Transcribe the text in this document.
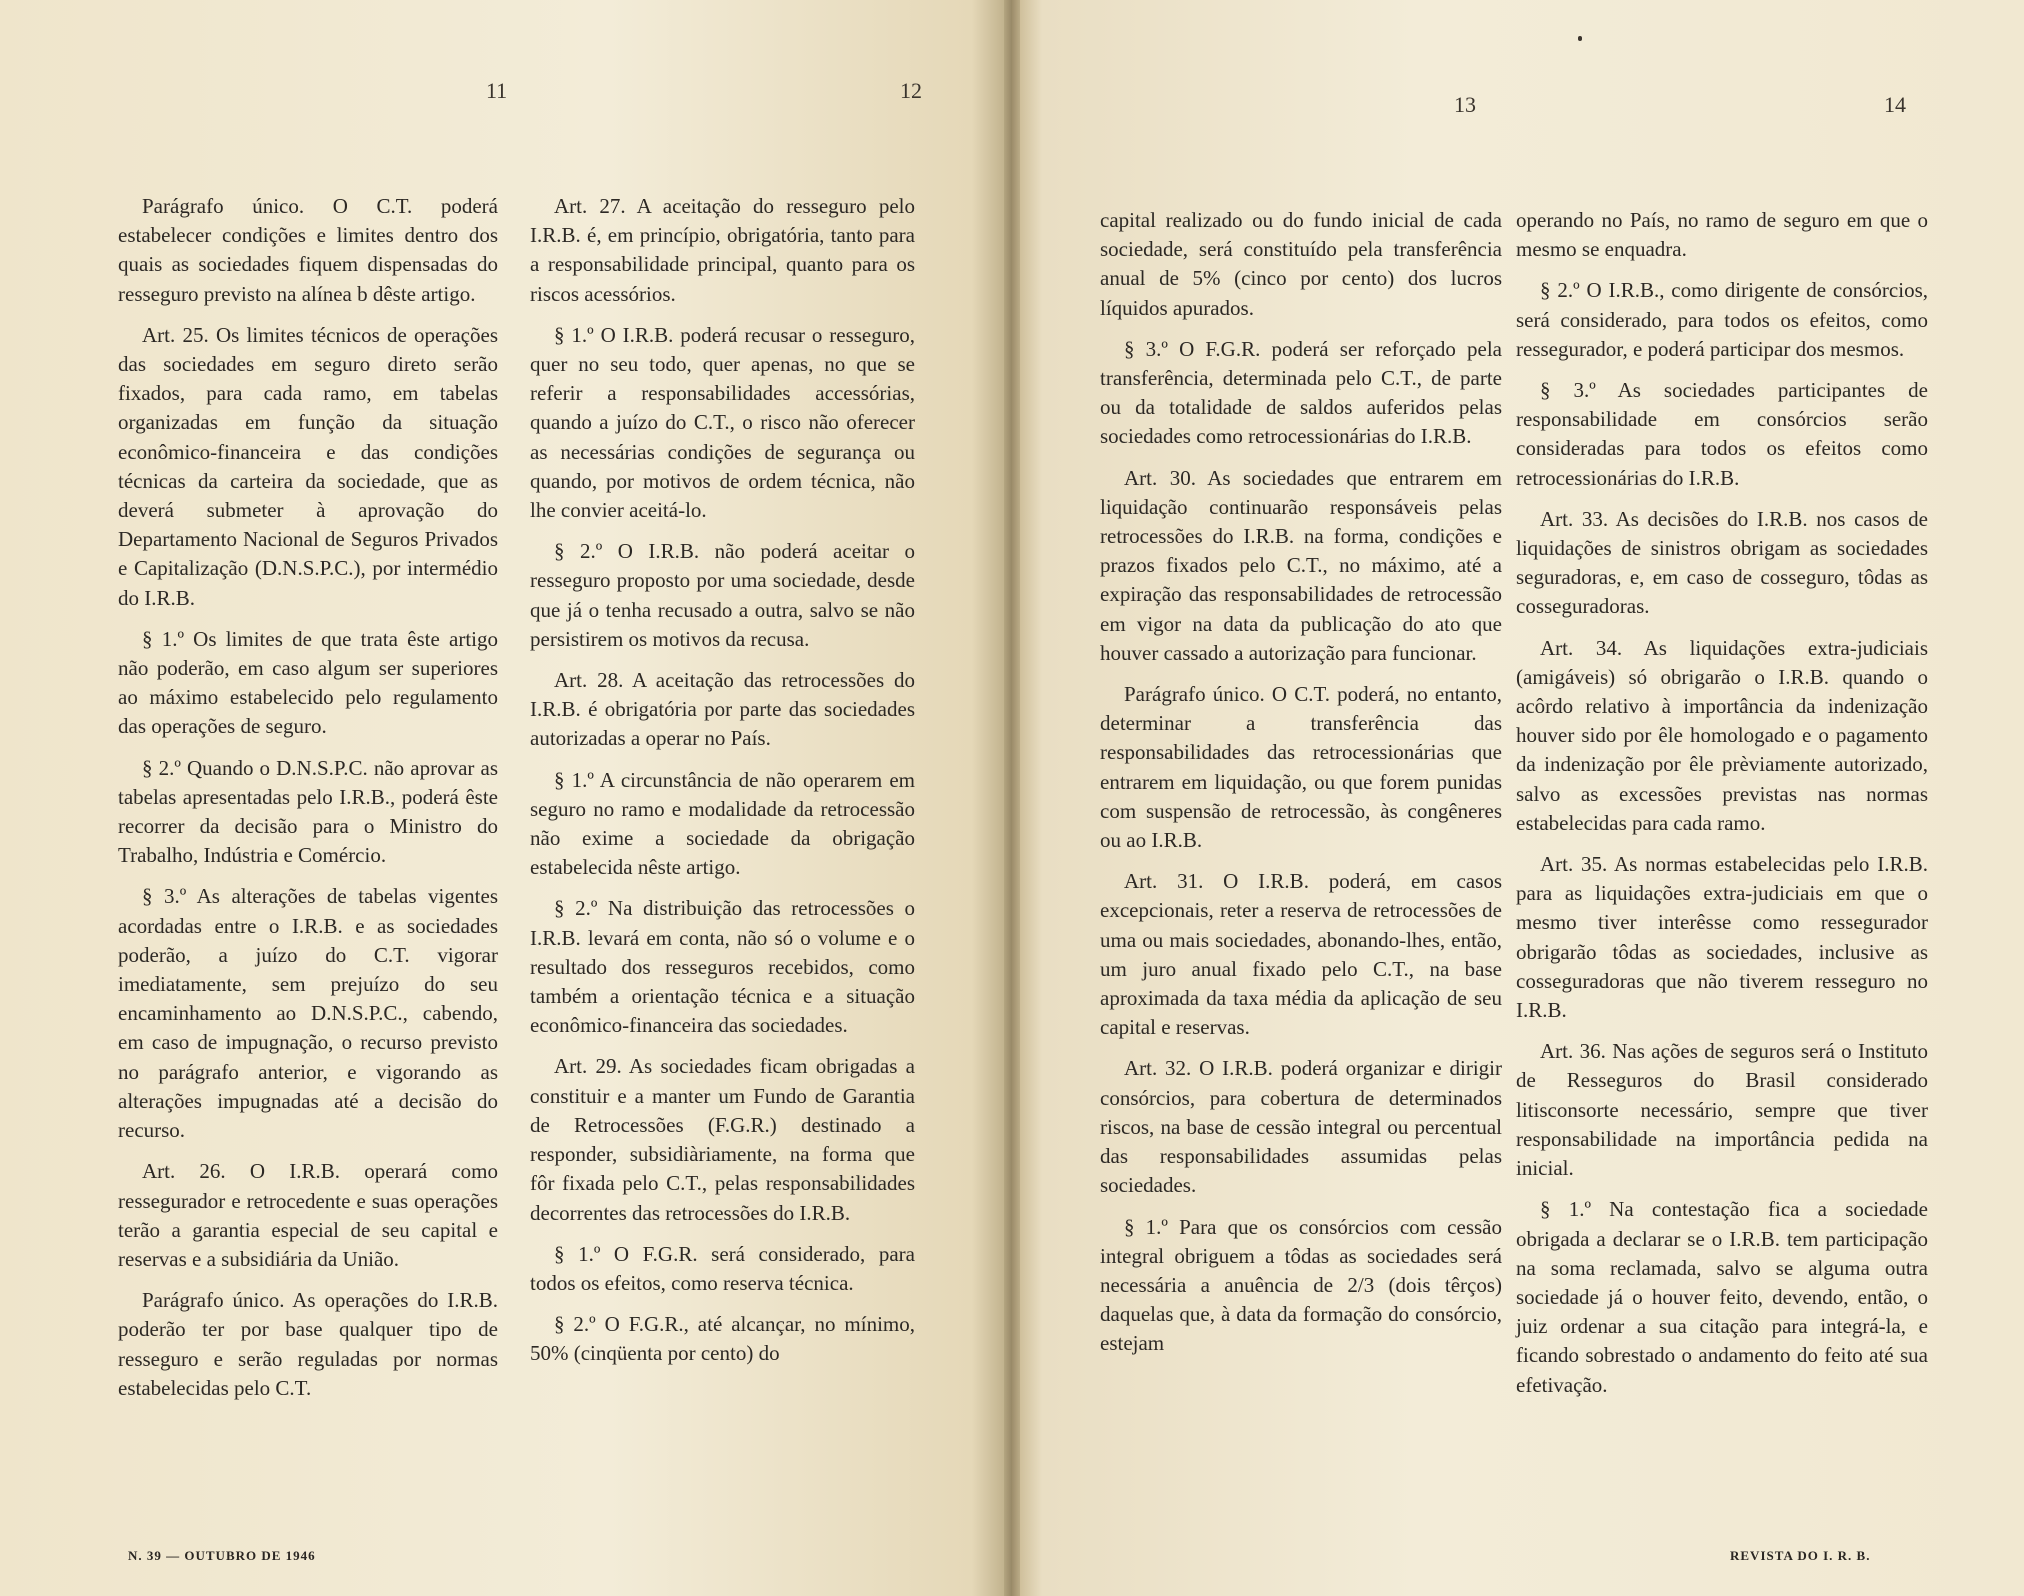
11	12

Parágrafo único. O C.T. poderá estabelecer condições e limites dentro dos quais as sociedades fiquem dispensadas do resseguro previsto na alínea b dêste artigo.

Art. 25. Os limites técnicos de operações das sociedades em seguro direto serão fixados, para cada ramo, em tabelas organizadas em função da situação econômico-financeira e das condições técnicas da carteira da sociedade, que as deverá submeter à aprovação do Departamento Nacional de Seguros Privados e Capitalização (D.N.S.P.C.), por intermédio do I.R.B.

§ 1.º Os limites de que trata êste artigo não poderão, em caso algum ser superiores ao máximo estabelecido pelo regulamento das operações de seguro.

§ 2.º Quando o D.N.S.P.C. não aprovar as tabelas apresentadas pelo I.R.B., poderá êste recorrer da decisão para o Ministro do Trabalho, Indústria e Comércio.

§ 3.º As alterações de tabelas vigentes acordadas entre o I.R.B. e as sociedades poderão, a juízo do C.T. vigorar imediatamente, sem prejuízo do seu encaminhamento ao D.N.S.P.C., cabendo, em caso de impugnação, o recurso previsto no parágrafo anterior, e vigorando as alterações impugnadas até a decisão do recurso.

Art. 26. O I.R.B. operará como ressegurador e retrocedente e suas operações terão a garantia especial de seu capital e reservas e a subsidiária da União.

Parágrafo único. As operações do I.R.B. poderão ter por base qualquer tipo de resseguro e serão reguladas por normas estabelecidas pelo C.T.

Art. 27. A aceitação do resseguro pelo I.R.B. é, em princípio, obrigatória, tanto para a responsabilidade principal, quanto para os riscos acessórios.

§ 1.º O I.R.B. poderá recusar o resseguro, quer no seu todo, quer apenas, no que se referir a responsabilidades accessórias, quando a juízo do C.T., o risco não oferecer as necessárias condições de segurança ou quando, por motivos de ordem técnica, não lhe convier aceitá-lo.

§ 2.º O I.R.B. não poderá aceitar o resseguro proposto por uma sociedade, desde que já o tenha recusado a outra, salvo se não persistirem os motivos da recusa.

Art. 28. A aceitação das retrocessões do I.R.B. é obrigatória por parte das sociedades autorizadas a operar no País.

§ 1.º A circunstância de não operarem em seguro no ramo e modalidade da retrocessão não exime a sociedade da obrigação estabelecida nêste artigo.

§ 2.º Na distribuição das retrocessões o I.R.B. levará em conta, não só o volume e o resultado dos resseguros recebidos, como também a orientação técnica e a situação econômico-financeira das sociedades.

Art. 29. As sociedades ficam obrigadas a constituir e a manter um Fundo de Garantia de Retrocessões (F.G.R.) destinado a responder, subsidiàriamente, na forma que fôr fixada pelo C.T., pelas responsabilidades decorrentes das retrocessões do I.R.B.

§ 1.º O F.G.R. será considerado, para todos os efeitos, como reserva técnica.

§ 2.º O F.G.R., até alcançar, no mínimo, 50% (cinqüenta por cento) do

N. 39 — OUTUBRO DE 1946
13	14

capital realizado ou do fundo inicial de cada sociedade, será constituído pela transferência anual de 5% (cinco por cento) dos lucros líquidos apurados.

§ 3.º O F.G.R. poderá ser reforçado pela transferência, determinada pelo C.T., de parte ou da totalidade de saldos auferidos pelas sociedades como retrocessionárias do I.R.B.

Art. 30. As sociedades que entrarem em liquidação continuarão responsáveis pelas retrocessões do I.R.B. na forma, condições e prazos fixados pelo C.T., no máximo, até a expiração das responsabilidades de retrocessão em vigor na data da publicação do ato que houver cassado a autorização para funcionar.

Parágrafo único. O C.T. poderá, no entanto, determinar a transferência das responsabilidades das retrocessionárias que entrarem em liquidação, ou que forem punidas com suspensão de retrocessão, às congêneres ou ao I.R.B.

Art. 31. O I.R.B. poderá, em casos excepcionais, reter a reserva de retrocessões de uma ou mais sociedades, abonando-lhes, então, um juro anual fixado pelo C.T., na base aproximada da taxa média da aplicação de seu capital e reservas.

Art. 32. O I.R.B. poderá organizar e dirigir consórcios, para cobertura de determinados riscos, na base de cessão integral ou percentual das responsabilidades assumidas pelas sociedades.

§ 1.º Para que os consórcios com cessão integral obriguem a tôdas as sociedades será necessária a anuência de 2/3 (dois têrços) daquelas que, à data da formação do consórcio, estejam

operando no País, no ramo de seguro em que o mesmo se enquadra.

§ 2.º O I.R.B., como dirigente de consórcios, será considerado, para todos os efeitos, como ressegurador, e poderá participar dos mesmos.

§ 3.º As sociedades participantes de responsabilidade em consórcios serão consideradas para todos os efeitos como retrocessionárias do I.R.B.

Art. 33. As decisões do I.R.B. nos casos de liquidações de sinistros obrigam as sociedades seguradoras, e, em caso de cosseguro, tôdas as cosseguradoras.

Art. 34. As liquidações extra-judiciais (amigáveis) só obrigarão o I.R.B. quando o acôrdo relativo à importância da indenização houver sido por êle homologado e o pagamento da indenização por êle prèviamente autorizado, salvo as excessões previstas nas normas estabelecidas para cada ramo.

Art. 35. As normas estabelecidas pelo I.R.B. para as liquidações extra-judiciais em que o mesmo tiver interêsse como ressegurador obrigarão tôdas as sociedades, inclusive as cosseguradoras que não tiverem resseguro no I.R.B.

Art. 36. Nas ações de seguros será o Instituto de Resseguros do Brasil considerado litisconsorte necessário, sempre que tiver responsabilidade na importância pedida na inicial.

§ 1.º Na contestação fica a sociedade obrigada a declarar se o I.R.B. tem participação na soma reclamada, salvo se alguma outra sociedade já o houver feito, devendo, então, o juiz ordenar a sua citação para integrá-la, e ficando sobrestado o andamento do feito até sua efetivação.

REVISTA DO I. R. B.
